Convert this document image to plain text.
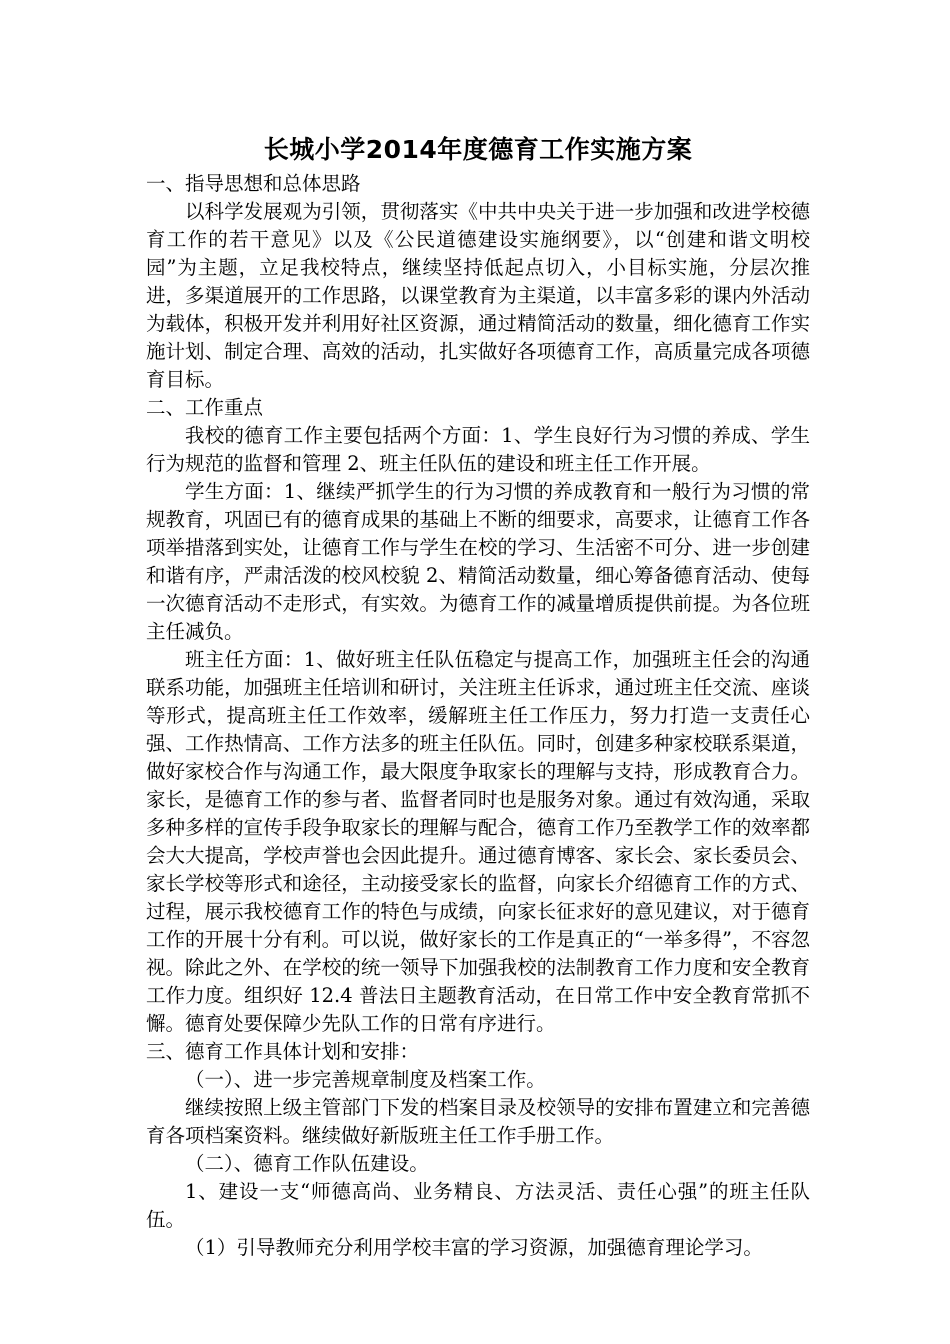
长城小学2014年度德育工作实施方案

一、指导思想和总体思路

以科学发展观为引领，贯彻落实《中共中央关于进一步加强和改进学校德育工作的若干意见》以及《公民道德建设实施纲要》，以“创建和谐文明校园”为主题，立足我校特点，继续坚持低起点切入，小目标实施，分层次推进，多渠道展开的工作思路，以课堂教育为主渠道，以丰富多彩的课内外活动为载体，积极开发并利用好社区资源，通过精简活动的数量，细化德育工作实施计划、制定合理、高效的活动，扎实做好各项德育工作，高质量完成各项德育目标。

二、工作重点

我校的德育工作主要包括两个方面：1、学生良好行为习惯的养成、学生行为规范的监督和管理 2、班主任队伍的建设和班主任工作开展。

学生方面：1、继续严抓学生的行为习惯的养成教育和一般行为习惯的常规教育，巩固已有的德育成果的基础上不断的细要求，高要求，让德育工作各项举措落到实处，让德育工作与学生在校的学习、生活密不可分、进一步创建和谐有序，严肃活泼的校风校貌 2、精简活动数量，细心筹备德育活动、使每一次德育活动不走形式，有实效。为德育工作的减量增质提供前提。为各位班主任减负。

班主任方面：1、做好班主任队伍稳定与提高工作，加强班主任会的沟通联系功能，加强班主任培训和研讨，关注班主任诉求，通过班主任交流、座谈等形式，提高班主任工作效率，缓解班主任工作压力，努力打造一支责任心强、工作热情高、工作方法多的班主任队伍。同时，创建多种家校联系渠道，做好家校合作与沟通工作，最大限度争取家长的理解与支持，形成教育合力。家长，是德育工作的参与者、监督者同时也是服务对象。通过有效沟通，采取多种多样的宣传手段争取家长的理解与配合，德育工作乃至教学工作的效率都会大大提高，学校声誉也会因此提升。通过德育博客、家长会、家长委员会、家长学校等形式和途径，主动接受家长的监督，向家长介绍德育工作的方式、过程，展示我校德育工作的特色与成绩，向家长征求好的意见建议，对于德育工作的开展十分有利。可以说，做好家长的工作是真正的“一举多得”，不容忽视。除此之外、在学校的统一领导下加强我校的法制教育工作力度和安全教育工作力度。组织好 12.4 普法日主题教育活动，在日常工作中安全教育常抓不懈。德育处要保障少先队工作的日常有序进行。

三、德育工作具体计划和安排：

（一）、进一步完善规章制度及档案工作。

继续按照上级主管部门下发的档案目录及校领导的安排布置建立和完善德育各项档案资料。继续做好新版班主任工作手册工作。

（二）、德育工作队伍建设。

1、建设一支“师德高尚、业务精良、方法灵活、责任心强”的班主任队伍。

（1）引导教师充分利用学校丰富的学习资源，加强德育理论学习。
